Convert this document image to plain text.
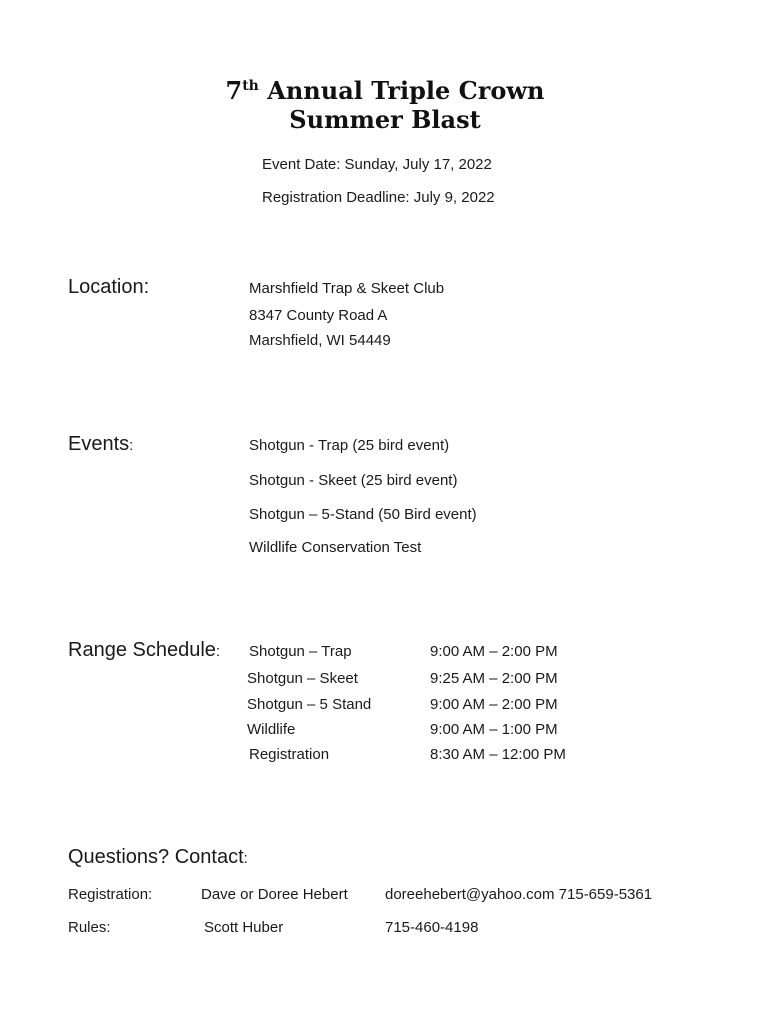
7th Annual Triple Crown
Summer Blast
Event Date: Sunday, July 17, 2022
Registration Deadline: July 9, 2022
Location:	Marshfield Trap & Skeet Club
8347 County Road A
Marshfield, WI 54449
Events:	Shotgun - Trap (25 bird event)
Shotgun - Skeet (25 bird event)
Shotgun – 5-Stand (50 Bird event)
Wildlife Conservation Test
Range Schedule: Shotgun – Trap	9:00 AM – 2:00 PM
Shotgun – Skeet	9:25 AM – 2:00 PM
Shotgun – 5 Stand	9:00 AM – 2:00 PM
Wildlife	9:00 AM – 1:00 PM
Registration	8:30 AM – 12:00 PM
Questions? Contact:
Registration:	Dave or Doree Hebert doreehebert@yahoo.com 715-659-5361
Rules:	Scott Huber	715-460-4198
